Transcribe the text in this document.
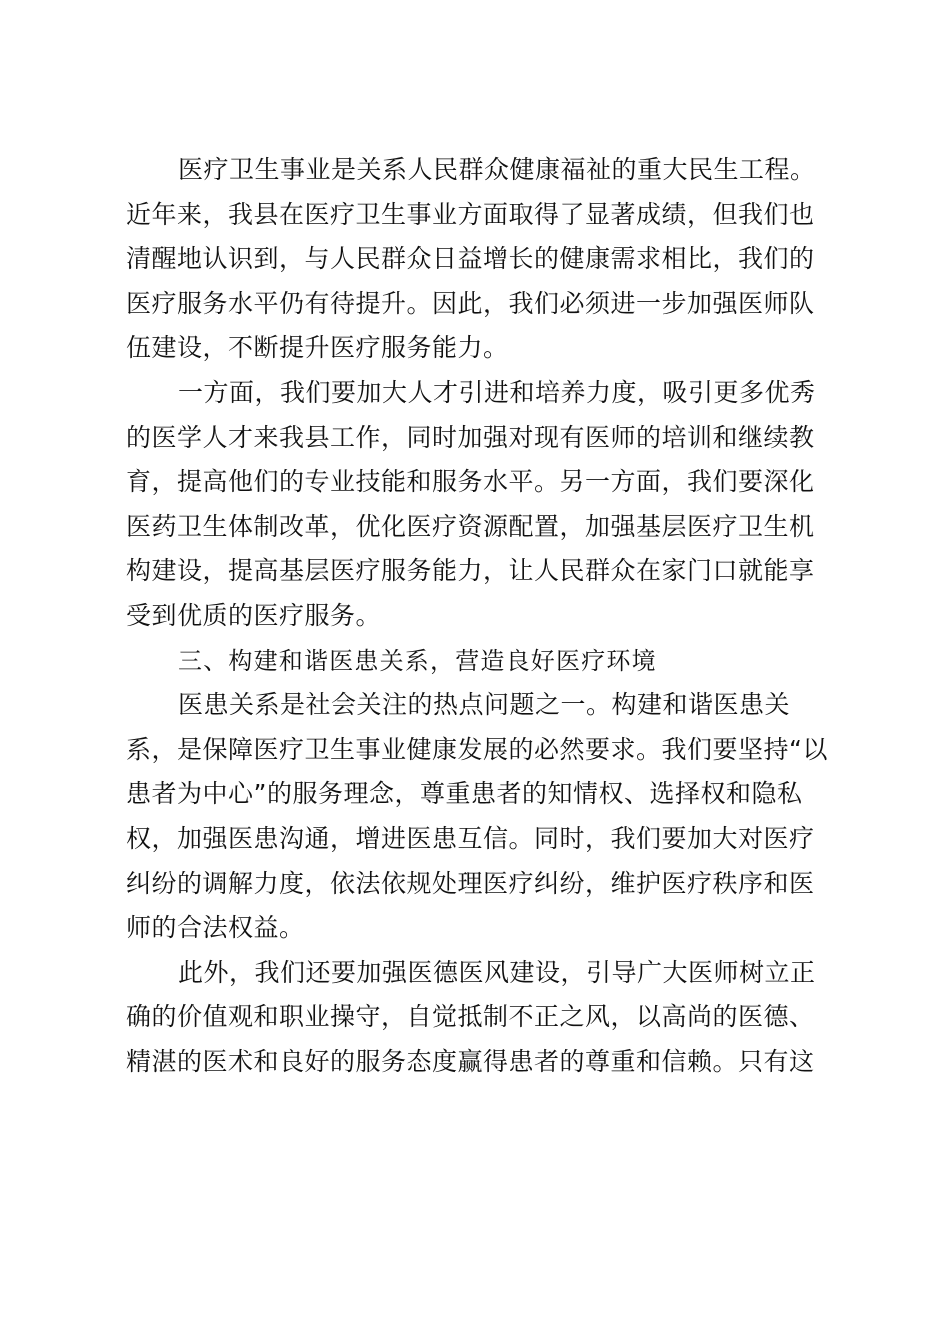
医疗卫生事业是关系人民群众健康福祉的重大民生工程。
近年来，我县在医疗卫生事业方面取得了显著成绩，但我们也
清醒地认识到，与人民群众日益增长的健康需求相比，我们的
医疗服务水平仍有待提升。因此，我们必须进一步加强医师队
伍建设，不断提升医疗服务能力。
一方面，我们要加大人才引进和培养力度，吸引更多优秀
的医学人才来我县工作，同时加强对现有医师的培训和继续教
育，提高他们的专业技能和服务水平。另一方面，我们要深化
医药卫生体制改革，优化医疗资源配置，加强基层医疗卫生机
构建设，提高基层医疗服务能力，让人民群众在家门口就能享
受到优质的医疗服务。
三、构建和谐医患关系，营造良好医疗环境
医患关系是社会关注的热点问题之一。构建和谐医患关
系，是保障医疗卫生事业健康发展的必然要求。我们要坚持“以
患者为中心”的服务理念，尊重患者的知情权、选择权和隐私
权，加强医患沟通，增进医患互信。同时，我们要加大对医疗
纠纷的调解力度，依法依规处理医疗纠纷，维护医疗秩序和医
师的合法权益。
此外，我们还要加强医德医风建设，引导广大医师树立正
确的价值观和职业操守，自觉抵制不正之风，以高尚的医德、
精湛的医术和良好的服务态度赢得患者的尊重和信赖。只有这
